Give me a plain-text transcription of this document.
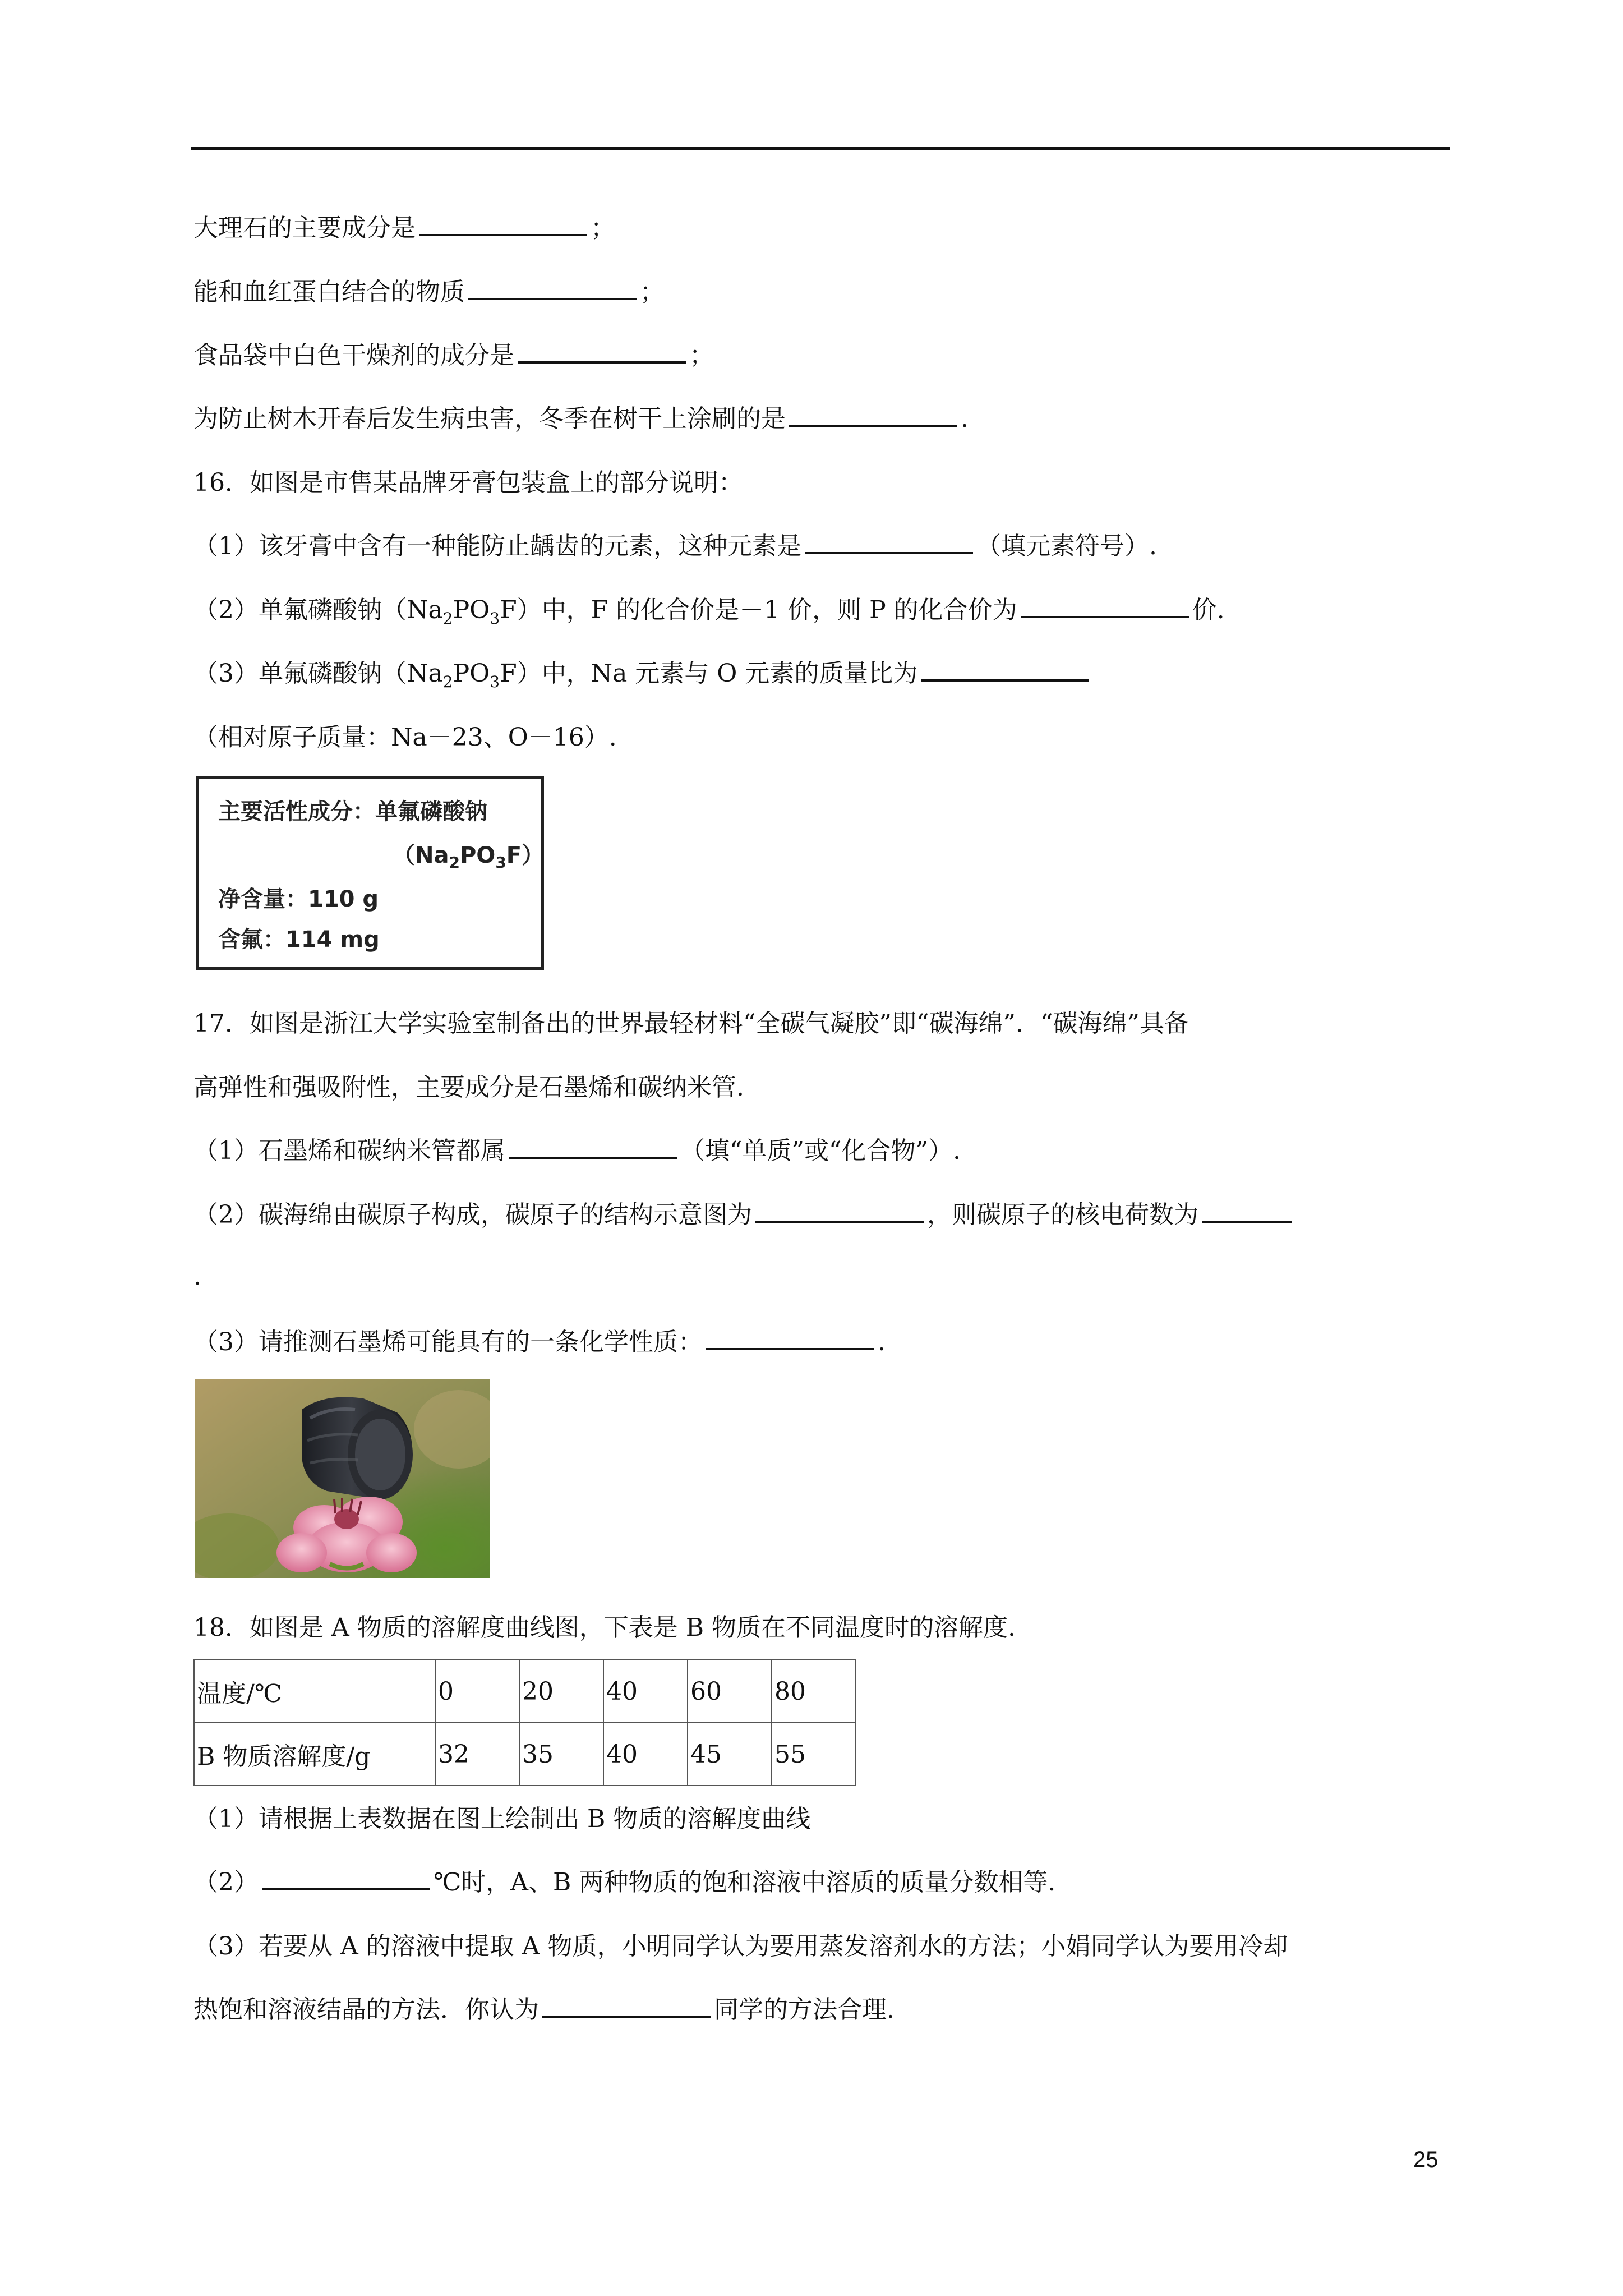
大理石的主要成分是	；
能和血红蛋白结合的物质	；
食品袋中白色干燥剂的成分是	；
为防止树木开春后发生病虫害，冬季在树干上涂刷的是	.
16．如图是市售某品牌牙膏包装盒上的部分说明：
（1）该牙膏中含有一种能防止龋齿的元素，这种元素是	（填元素符号）.
（2）单氟磷酸钠$(Na_2PO_3F)$中，F 的化合价是－1 价，则 P 的化合价为	价.
（3）单氟磷酸钠$(Na_2PO_3F)$中，Na 元素与 O 元素的质量比为
（相对原子质量：Na－23、O－16）.
主要活性成分：单氟磷酸钠
$(Na_2PO_3F)$
净含量：110 g
含氟：114 mg
17．如图是浙江大学实验室制备出的世界最轻材料“全碳气凝胶”即“碳海绵”．“碳海绵”具备
高弹性和强吸附性，主要成分是石墨烯和碳纳米管.
（1）石墨烯和碳纳米管都属	（填“单质”或“化合物”）.
（2）碳海绵由碳原子构成，碳原子的结构示意图为	，则碳原子的核电荷数为
.
（3）请推测石墨烯可能具有的一条化学性质：	.
18．如图是 A 物质的溶解度曲线图，下表是 B 物质在不同温度时的溶解度.
温度/℃	0	20	40	60	80
B 物质溶解度/g	32	35	40	45	55
（1）请根据上表数据在图上绘制出 B 物质的溶解度曲线
（2）	℃时，A、B 两种物质的饱和溶液中溶质的质量分数相等.
（3）若要从 A 的溶液中提取 A 物质，小明同学认为要用蒸发溶剂水的方法；小娟同学认为要用冷却
热饱和溶液结晶的方法．你认为	同学的方法合理.
25
